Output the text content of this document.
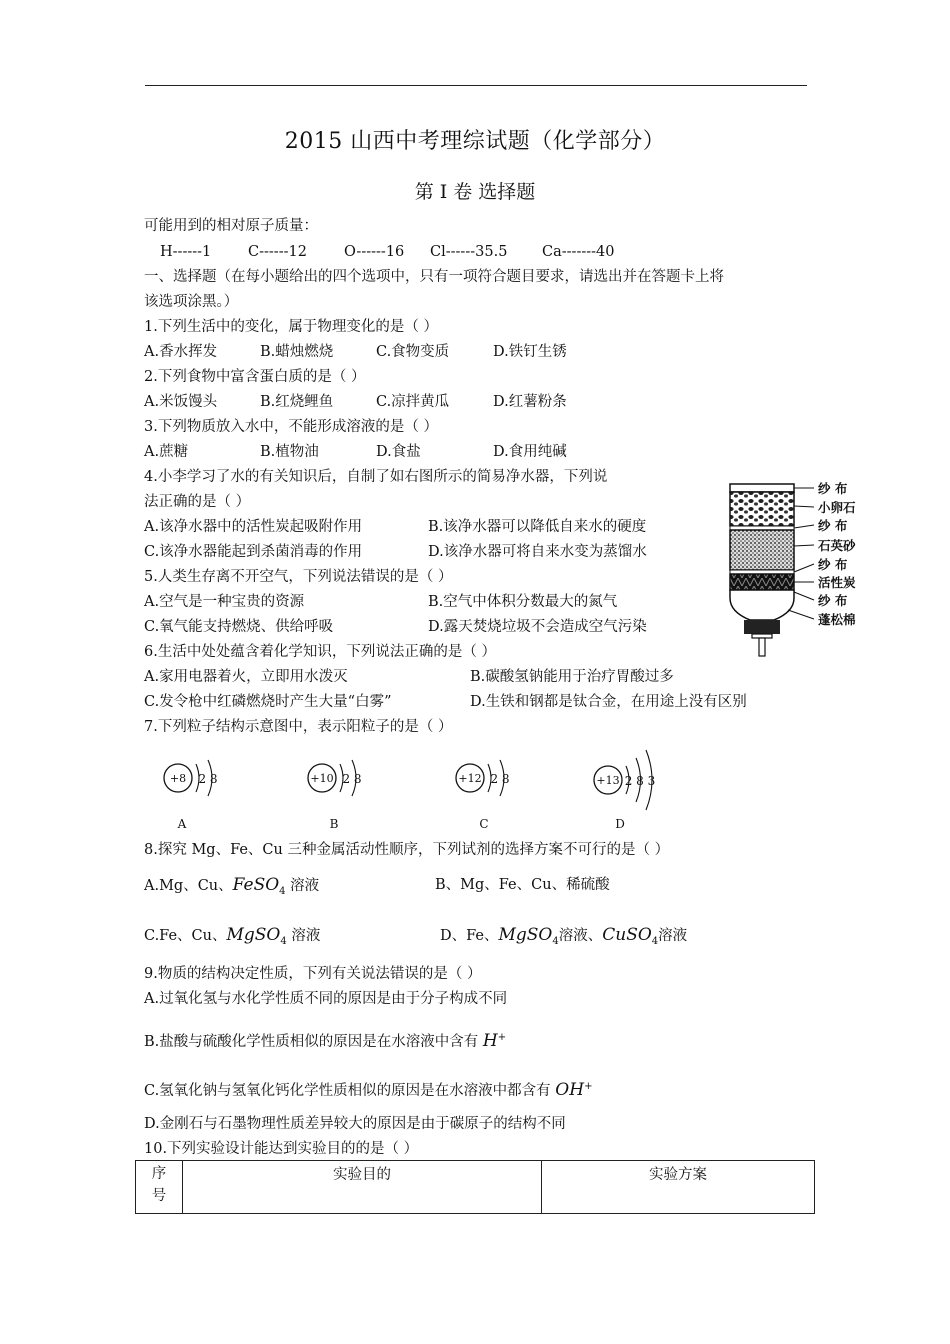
2015 山西中考理综试题（化学部分）
第 I 卷 选择题
可能用到的相对原子质量：
H------1	C------12	O------16 Cl------35.5 Ca-------40
一、选择题（在每小题给出的四个选项中，只有一项符合题目要求，请选出并在答题卡上将
该选项涂黑。）
1.下列生活中的变化，属于物理变化的是（ ）
A.香水挥发	B.蜡烛燃烧	C.食物变质	D.铁钉生锈
2.下列食物中富含蛋白质的是（ ）
A.米饭馒头	B.红烧鲤鱼	C.凉拌黄瓜	D.红薯粉条
3.下列物质放入水中，不能形成溶液的是（ ）
A.蔗糖	B.植物油	D.食盐	D.食用纯碱
4.小李学习了水的有关知识后，自制了如右图所示的简易净水器，下列说
法正确的是（ ）
A.该净水器中的活性炭起吸附作用	B.该净水器可以降低自来水的硬度
C.该净水器能起到杀菌消毒的作用	D.该净水器可将自来水变为蒸馏水
纱 布
小卵石
纱 布
石英砂
纱 布
活性炭
纱 布
蓬松棉
5.人类生存离不开空气，下列说法错误的是（ ）
A.空气是一种宝贵的资源	B.空气中体积分数最大的氮气
C.氧气能支持燃烧、供给呼吸	D.露天焚烧垃圾不会造成空气污染
6.生活中处处蕴含着化学知识，下列说法正确的是（ ）
A.家用电器着火，立即用水泼灭	B.碳酸氢钠能用于治疗胃酸过多
C.发令枪中红磷燃烧时产生大量“白雾”	D.生铁和钢都是钛合金，在用途上没有区别
7.下列粒子结构示意图中，表示阳粒子的是（ ）
+8 2 8
A
+10 2 8
B
+12 2 8
C
+13 2 8 3
D
8.探究 Mg、Fe、Cu 三种金属活动性顺序，下列试剂的选择方案不可行的是（ ）
A.Mg、Cu、FeSO$_4$ 溶液	B、Mg、Fe、Cu、稀硫酸
C.Fe、Cu、MgSO$_4$ 溶液	D、Fe、MgSO$_4$溶液、CuSO$_4$溶液
9.物质的结构决定性质，下列有关说法错误的是（ ）
A.过氧化氢与水化学性质不同的原因是由于分子构成不同
B.盐酸与硫酸化学性质相似的原因是在水溶液中含有 H+
C.氢氧化钠与氢氧化钙化学性质相似的原因是在水溶液中都含有 OH+
D.金刚石与石墨物理性质差异较大的原因是由于碳原子的结构不同
10.下列实验设计能达到实验目的的是（ ）
序
号	实验目的	实验方案
